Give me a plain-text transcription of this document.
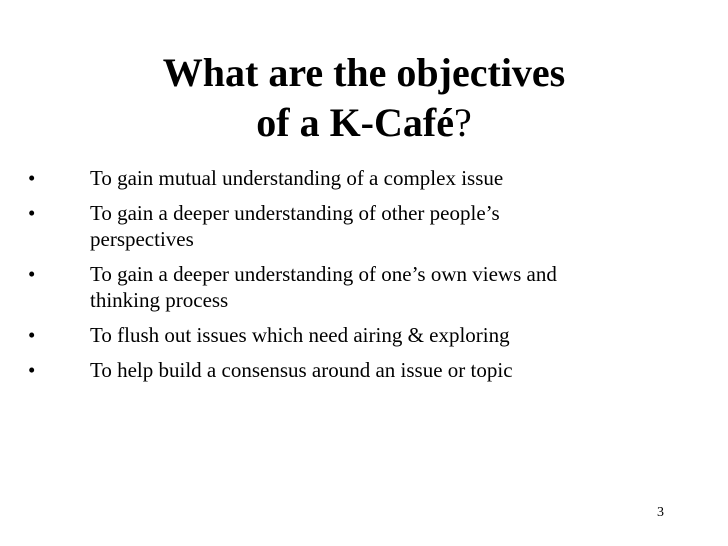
What are the objectives
of a K-Café?
•	To gain mutual understanding of a complex issue
•	To gain a deeper understanding of other people’s perspectives
•	To gain a deeper understanding of one’s own views and thinking process
•	To flush out issues which need airing & exploring
•	To help build a consensus around an issue or topic
3
